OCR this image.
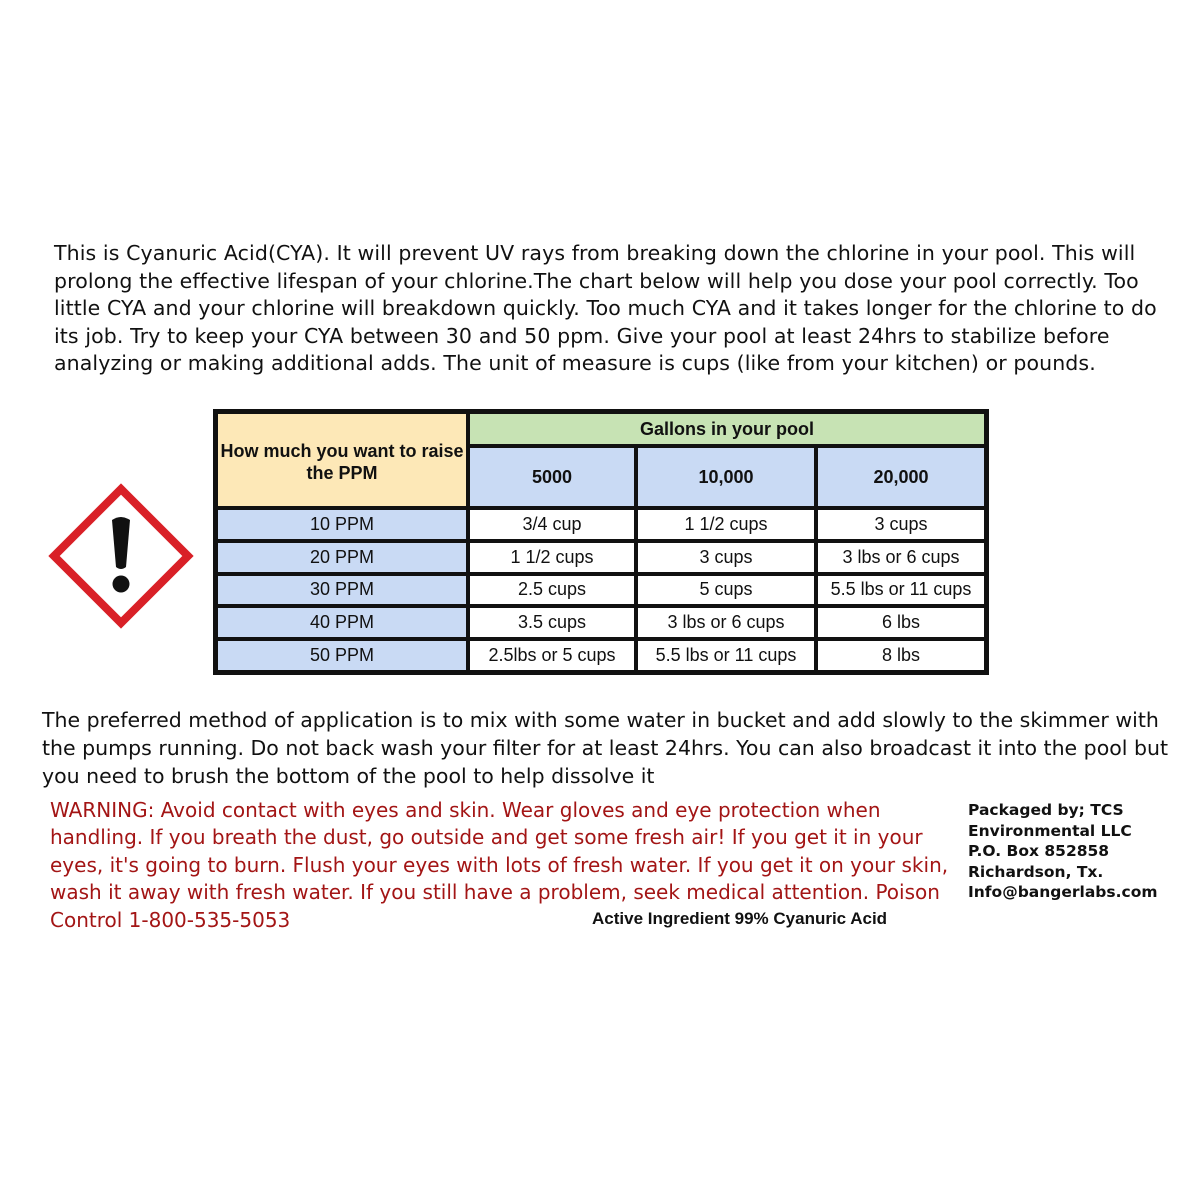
This is Cyanuric Acid(CYA). It will prevent UV rays from breaking down the chlorine in your pool. This will prolong the effective lifespan of your chlorine.The chart below will help you dose your pool correctly. Too little CYA and your chlorine will breakdown quickly. Too much CYA and it takes longer for the chlorine to do its job. Try to keep your CYA between 30 and 50 ppm. Give your pool at least 24hrs to stabilize before analyzing or making additional adds. The unit of measure is cups (like from your kitchen) or pounds.
How much you want to raise the PPM	Gallons in your pool		
	5000	10,000	20,000
10 PPM	3/4 cup	1 1/2 cups	3 cups
20 PPM	1 1/2 cups	3 cups	3 lbs or 6 cups
30 PPM	2.5 cups	5 cups	5.5 lbs or 11 cups
40 PPM	3.5 cups	3 lbs or 6 cups	6 lbs
50 PPM	2.5lbs or 5 cups	5.5 lbs or 11 cups	8 lbs
The preferred method of application is to mix with some water in bucket and add slowly to the skimmer with the pumps running. Do not back wash your filter for at least 24hrs. You can also broadcast it into the pool but you need to brush the bottom of the pool to help dissolve it
WARNING: Avoid contact with eyes and skin. Wear gloves and eye protection when handling. If you breath the dust, go outside and get some fresh air! If you get it in your eyes, it's going to burn. Flush your eyes with lots of fresh water. If you get it on your skin, wash it away with fresh water. If you still have a problem, seek medical attention. Poison Control 1-800-535-5053	Active Ingredient 99% Cyanuric Acid
Packaged by; TCS
Environmental LLC
P.O. Box 852858
Richardson, Tx.
Info@bangerlabs.com
